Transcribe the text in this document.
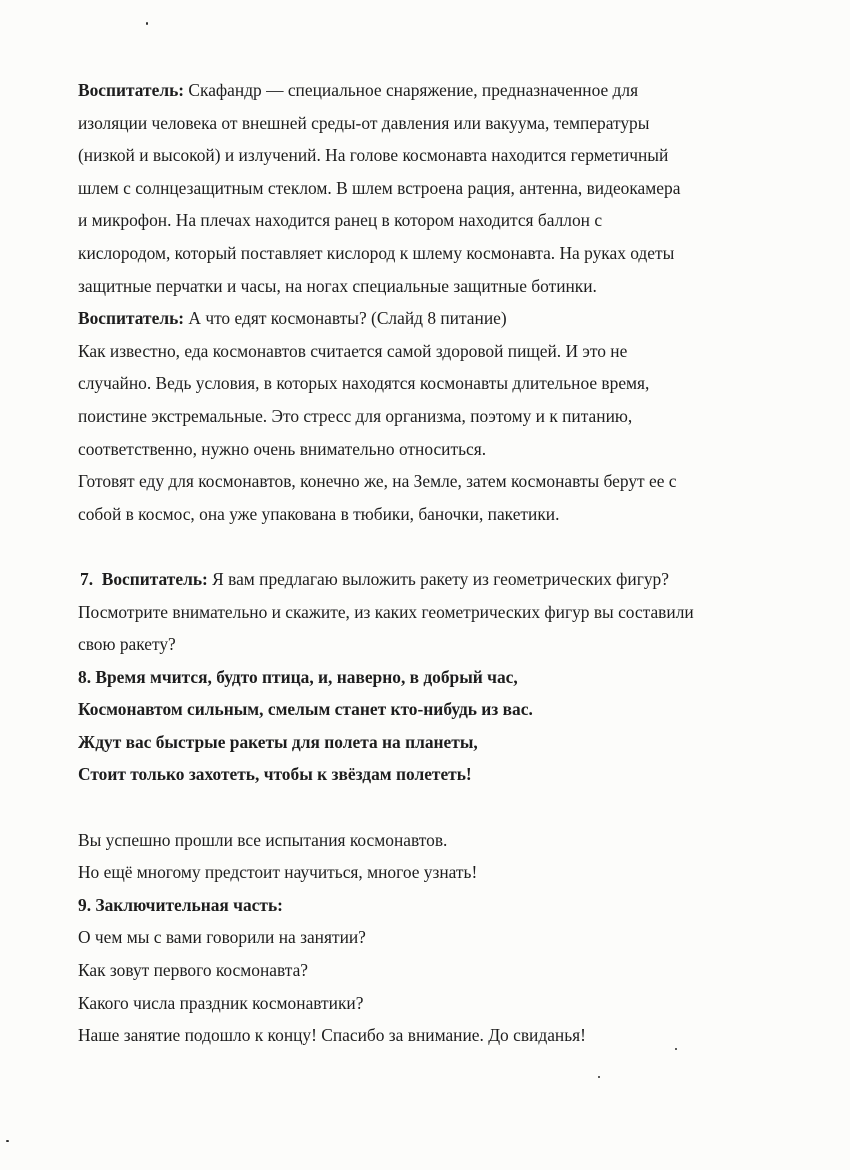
Воспитатель: Скафандр — специальное снаряжение, предназначенное для
изоляции человека от внешней среды-от давления или вакуума, температуры
(низкой и высокой) и излучений. На голове космонавта находится герметичный
шлем с солнцезащитным стеклом. В шлем встроена рация, антенна, видеокамера
и микрофон. На плечах находится ранец в котором находится баллон с
кислородом, который поставляет кислород к шлему космонавта. На руках одеты
защитные перчатки и часы, на ногах специальные защитные ботинки.
Воспитатель: А что едят космонавты? (Слайд 8 питание)
Как известно, еда космонавтов считается самой здоровой пищей. И это не
случайно. Ведь условия, в которых находятся космонавты длительное время,
поистине экстремальные. Это стресс для организма, поэтому и к питанию,
соответственно, нужно очень внимательно относиться.
Готовят еду для космонавтов, конечно же, на Земле, затем космонавты берут ее с
собой в космос, она уже упакована в тюбики, баночки, пакетики.
7. Воспитатель: Я вам предлагаю выложить ракету из геометрических фигур?
Посмотрите внимательно и скажите, из каких геометрических фигур вы составили
свою ракету?
8. Время мчится, будто птица, и, наверно, в добрый час,
Космонавтом сильным, смелым станет кто-нибудь из вас.
Ждут вас быстрые ракеты для полета на планеты,
Стоит только захотеть, чтобы к звёздам полететь!
Вы успешно прошли все испытания космонавтов.
Но ещё многому предстоит научиться, многое узнать!
9. Заключительная часть:
О чем мы с вами говорили на занятии?
Как зовут первого космонавта?
Какого числа праздник космонавтики?
Наше занятие подошло к концу! Спасибо за внимание. До свиданья!
